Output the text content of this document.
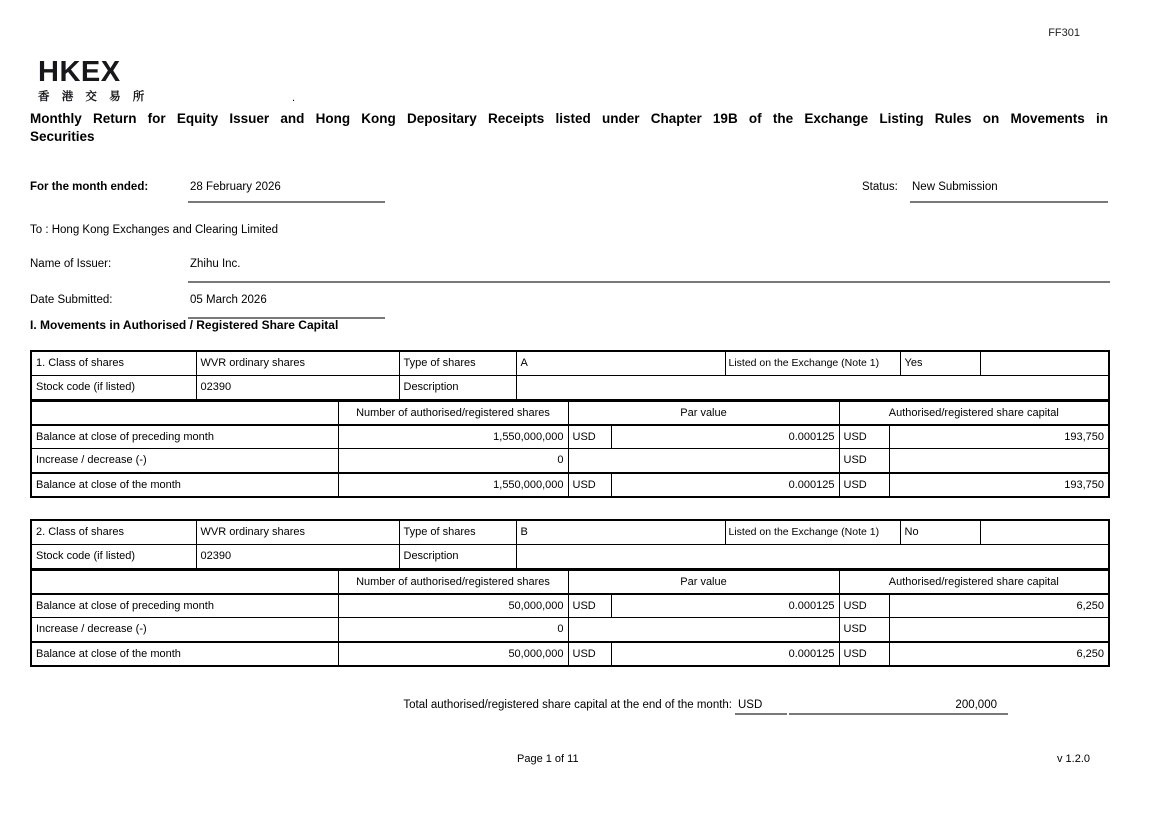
FF301
HKEX
香 港 交 易 所	.
Monthly Return for Equity Issuer and Hong Kong Depositary Receipts listed under Chapter 19B of the Exchange Listing Rules on Movements in
Securities
For the month ended:	28 February 2026	Status: New Submission
To : Hong Kong Exchanges and Clearing Limited
Name of Issuer:	Zhihu Inc.
Date Submitted:	05 March 2026
I. Movements in Authorised / Registered Share Capital
1. Class of shares	WVR ordinary shares	Type of shares	A	Listed on the Exchange (Note 1)	Yes	
Stock code (if listed)	02390	Description				
	Number of authorised/registered shares	Par value		Authorised/registered share capital	
Balance at close of preceding month	1,550,000,000	USD	0.000125	USD	193,750
Increase / decrease (-)	0			USD	
Balance at close of the month	1,550,000,000	USD	0.000125	USD	193,750
2. Class of shares	WVR ordinary shares	Type of shares	B	Listed on the Exchange (Note 1)	No	
Stock code (if listed)	02390	Description				
	Number of authorised/registered shares	Par value		Authorised/registered share capital	
Balance at close of preceding month	50,000,000	USD	0.000125	USD	6,250
Increase / decrease (-)	0			USD	
Balance at close of the month	50,000,000	USD	0.000125	USD	6,250
Total authorised/registered share capital at the end of the month: USD	200,000
Page 1 of 11	v 1.2.0
